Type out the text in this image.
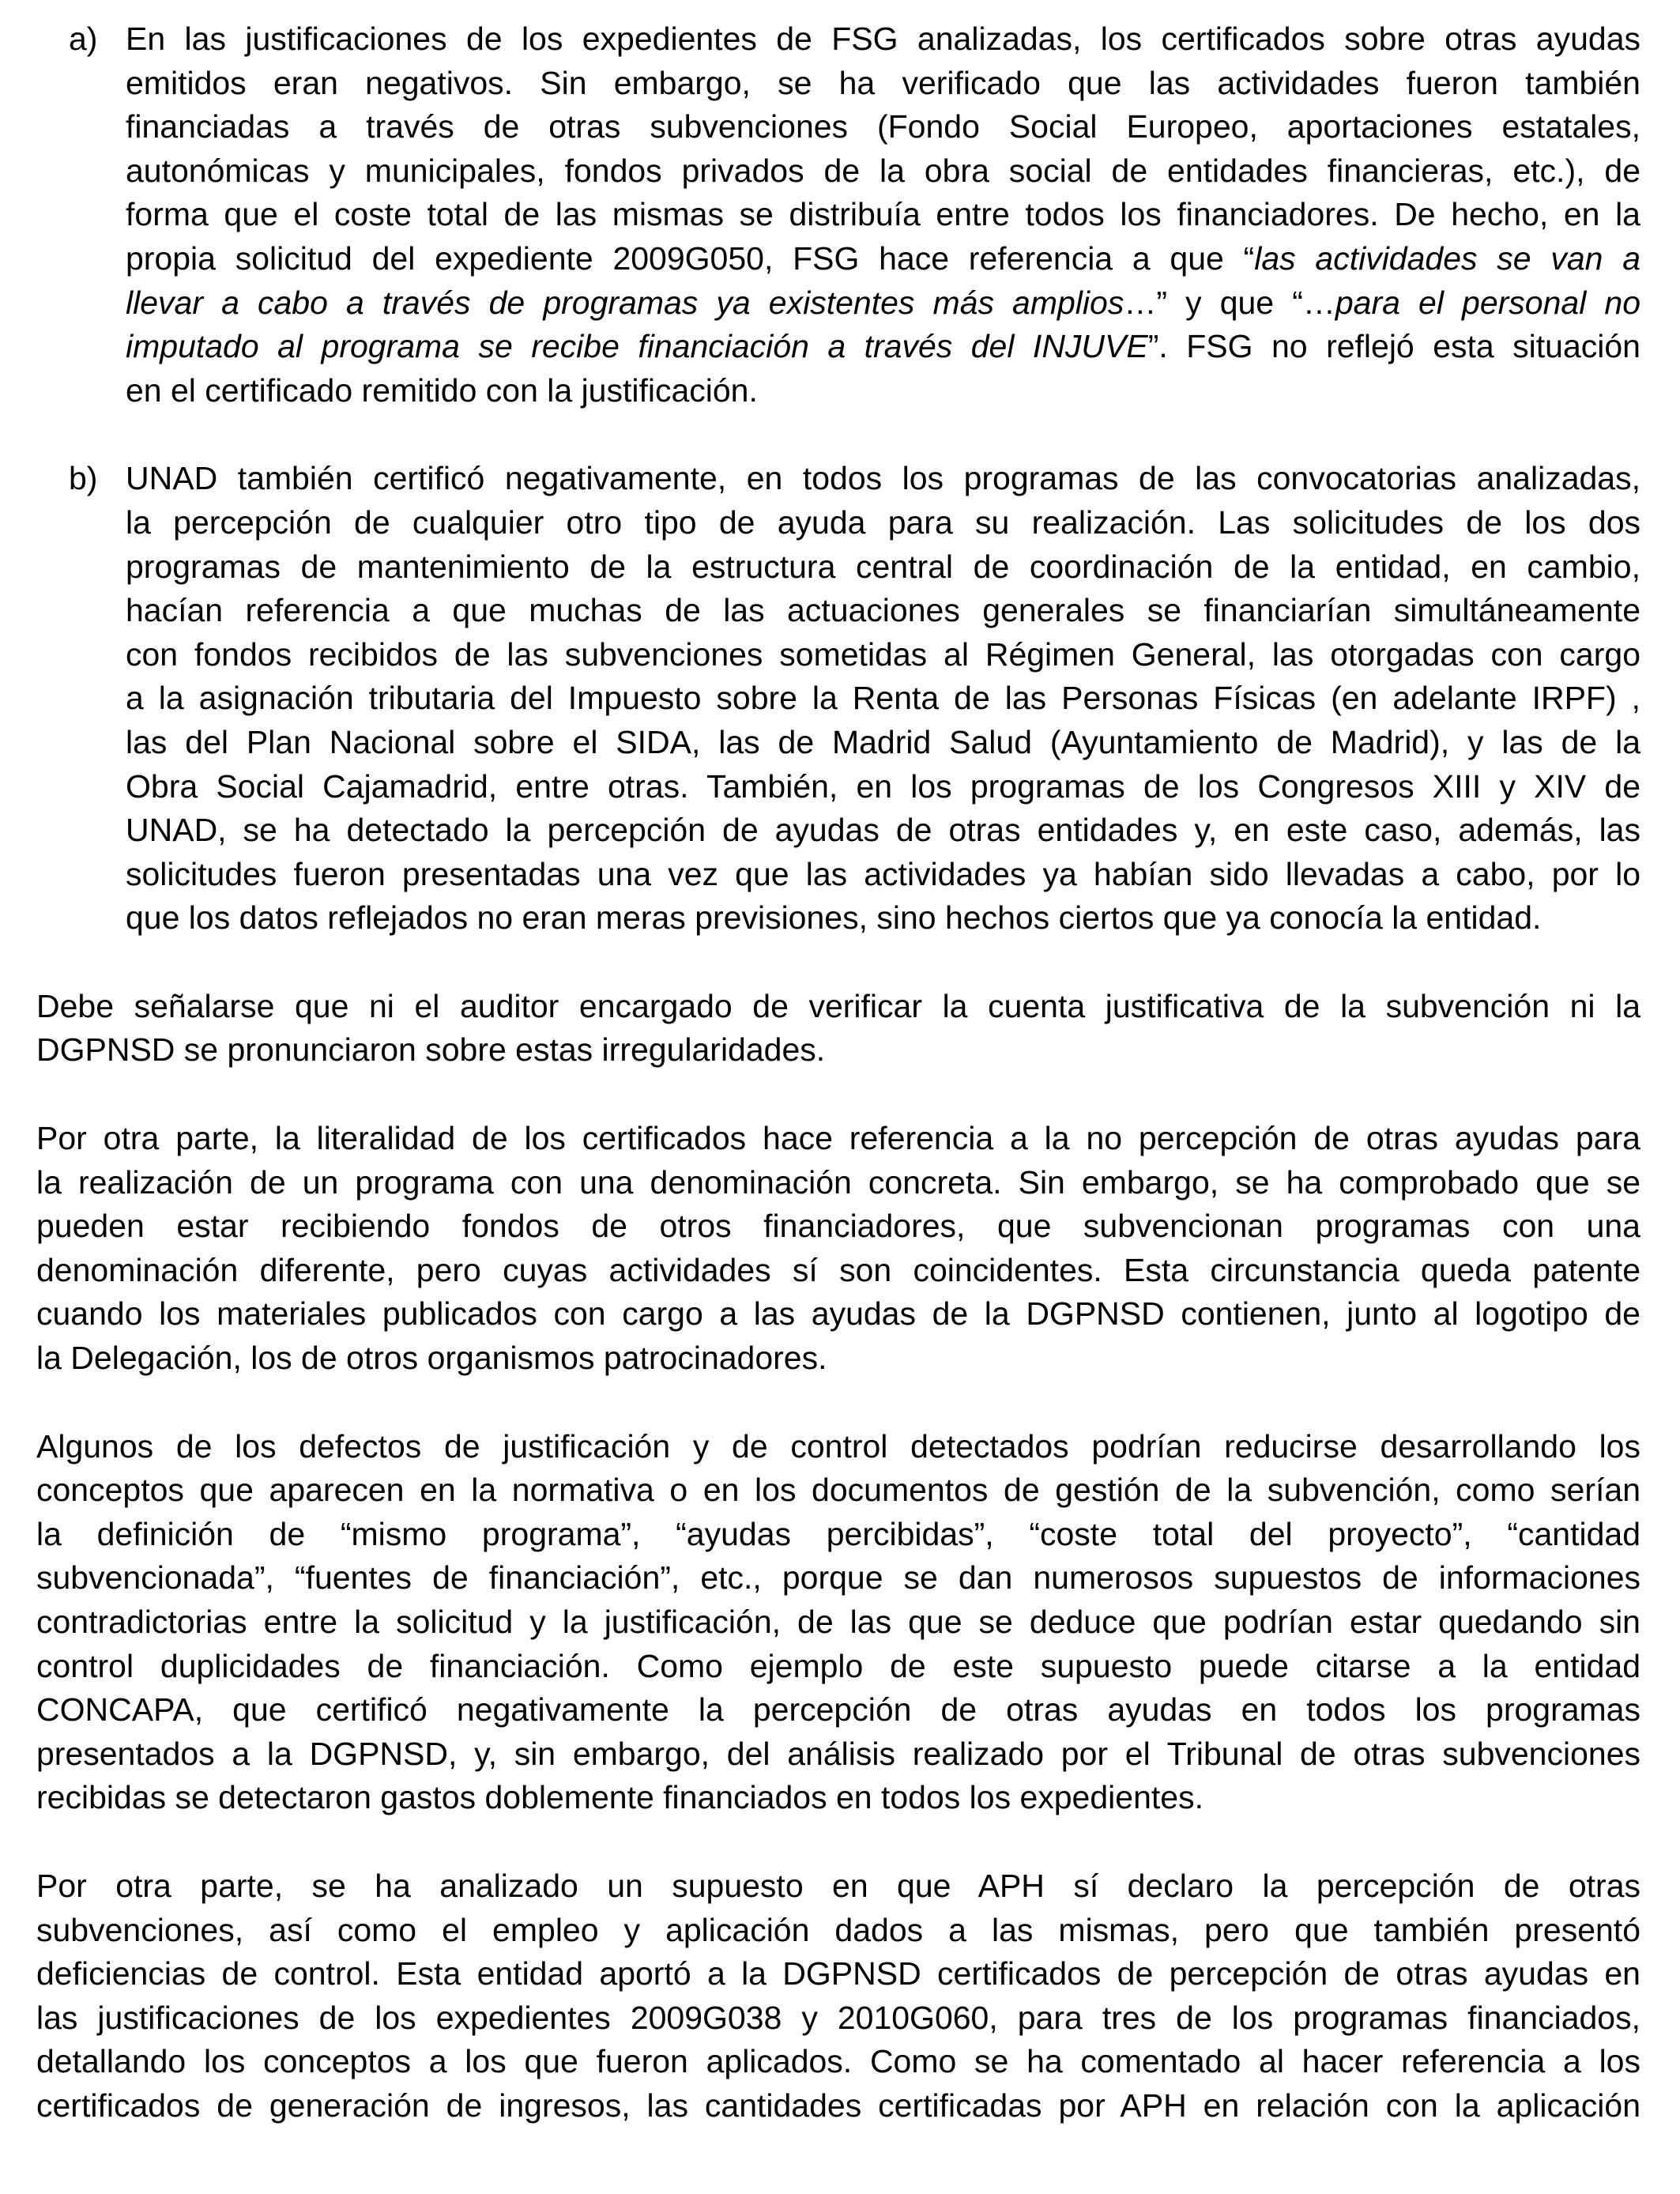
a) En las justificaciones de los expedientes de FSG analizadas, los certificados sobre otras ayudas
emitidos eran negativos. Sin embargo, se ha verificado que las actividades fueron también
financiadas a través de otras subvenciones (Fondo Social Europeo, aportaciones estatales,
autonómicas y municipales, fondos privados de la obra social de entidades financieras, etc.), de
forma que el coste total de las mismas se distribuía entre todos los financiadores. De hecho, en la
propia solicitud del expediente 2009G050, FSG hace referencia a que “las actividades se van a
llevar a cabo a través de programas ya existentes más amplios…” y que “…para el personal no
imputado al programa se recibe financiación a través del INJUVE”. FSG no reflejó esta situación
en el certificado remitido con la justificación.
b) UNAD también certificó negativamente, en todos los programas de las convocatorias analizadas,
la percepción de cualquier otro tipo de ayuda para su realización. Las solicitudes de los dos
programas de mantenimiento de la estructura central de coordinación de la entidad, en cambio,
hacían referencia a que muchas de las actuaciones generales se financiarían simultáneamente
con fondos recibidos de las subvenciones sometidas al Régimen General, las otorgadas con cargo
a la asignación tributaria del Impuesto sobre la Renta de las Personas Físicas (en adelante IRPF) ,
las del Plan Nacional sobre el SIDA, las de Madrid Salud (Ayuntamiento de Madrid), y las de la
Obra Social Cajamadrid, entre otras. También, en los programas de los Congresos XIII y XIV de
UNAD, se ha detectado la percepción de ayudas de otras entidades y, en este caso, además, las
solicitudes fueron presentadas una vez que las actividades ya habían sido llevadas a cabo, por lo
que los datos reflejados no eran meras previsiones, sino hechos ciertos que ya conocía la entidad.
Debe señalarse que ni el auditor encargado de verificar la cuenta justificativa de la subvención ni la
DGPNSD se pronunciaron sobre estas irregularidades.
Por otra parte, la literalidad de los certificados hace referencia a la no percepción de otras ayudas para
la realización de un programa con una denominación concreta. Sin embargo, se ha comprobado que se
pueden estar recibiendo fondos de otros financiadores, que subvencionan programas con una
denominación diferente, pero cuyas actividades sí son coincidentes. Esta circunstancia queda patente
cuando los materiales publicados con cargo a las ayudas de la DGPNSD contienen, junto al logotipo de
la Delegación, los de otros organismos patrocinadores.
Algunos de los defectos de justificación y de control detectados podrían reducirse desarrollando los
conceptos que aparecen en la normativa o en los documentos de gestión de la subvención, como serían
la definición de “mismo programa”, “ayudas percibidas”, “coste total del proyecto”, “cantidad
subvencionada”, “fuentes de financiación”, etc., porque se dan numerosos supuestos de informaciones
contradictorias entre la solicitud y la justificación, de las que se deduce que podrían estar quedando sin
control duplicidades de financiación. Como ejemplo de este supuesto puede citarse a la entidad
CONCAPA, que certificó negativamente la percepción de otras ayudas en todos los programas
presentados a la DGPNSD, y, sin embargo, del análisis realizado por el Tribunal de otras subvenciones
recibidas se detectaron gastos doblemente financiados en todos los expedientes.
Por otra parte, se ha analizado un supuesto en que APH sí declaro la percepción de otras
subvenciones, así como el empleo y aplicación dados a las mismas, pero que también presentó
deficiencias de control. Esta entidad aportó a la DGPNSD certificados de percepción de otras ayudas en
las justificaciones de los expedientes 2009G038 y 2010G060, para tres de los programas financiados,
detallando los conceptos a los que fueron aplicados. Como se ha comentado al hacer referencia a los
certificados de generación de ingresos, las cantidades certificadas por APH en relación con la aplicación
